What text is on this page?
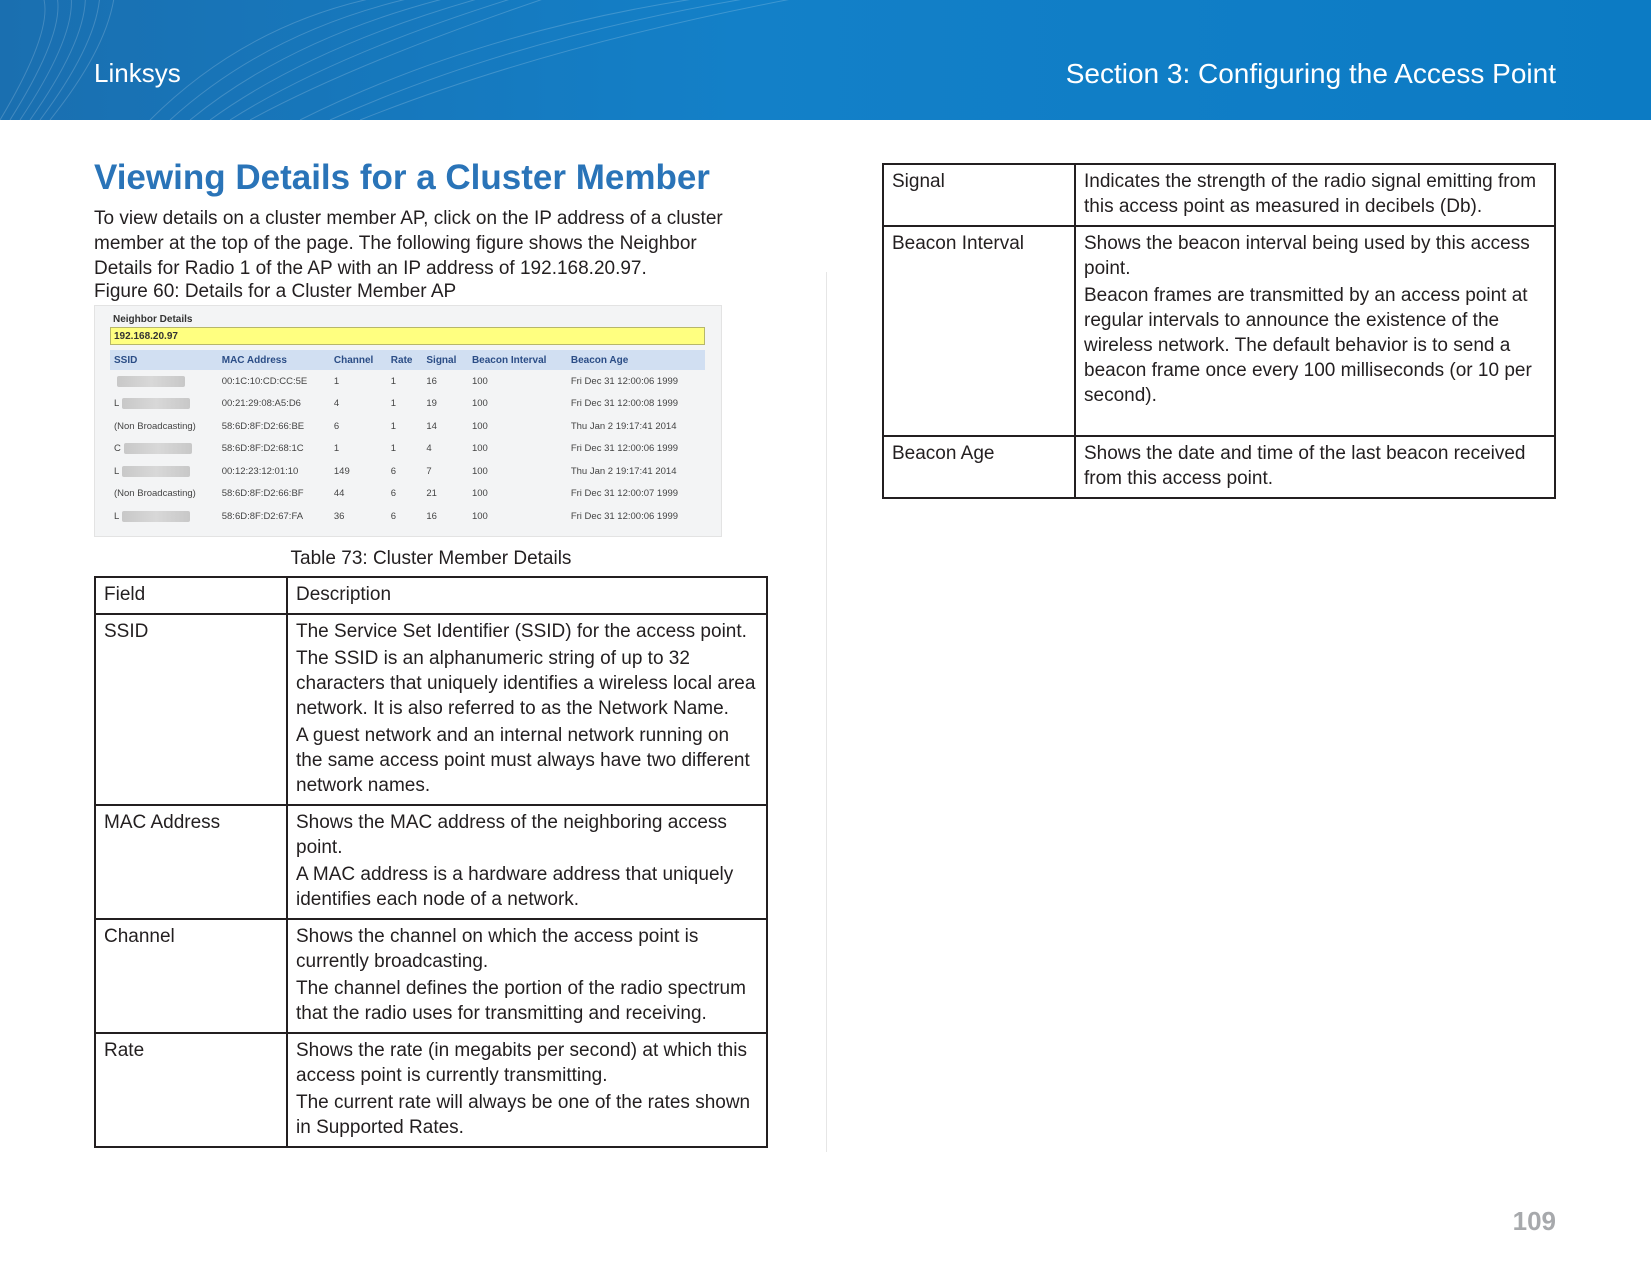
Linksys	Section 3: Configuring the Access Point
Viewing Details for a Cluster Member
To view details on a cluster member AP, click on the IP address of a cluster member at the top of the page. The following figure shows the Neighbor Details for Radio 1 of the AP with an IP address of 192.168.20.97.
Figure 60: Details for a Cluster Member AP
Neighbor Details
192.168.20.97
SSID	MAC Address	Channel	Rate	Signal	Beacon Interval	Beacon Age
	00:1C:10:CD:CC:5E	1	1	16	100	Fri Dec 31 12:00:06 1999
L	00:21:29:08:A5:D6	4	1	19	100	Fri Dec 31 12:00:08 1999
(Non Broadcasting)	58:6D:8F:D2:66:BE	6	1	14	100	Thu Jan 2 19:17:41 2014
C	58:6D:8F:D2:68:1C	1	1	4	100	Fri Dec 31 12:00:06 1999
L	00:12:23:12:01:10	149	6	7	100	Thu Jan 2 19:17:41 2014
(Non Broadcasting)	58:6D:8F:D2:66:BF	44	6	21	100	Fri Dec 31 12:00:07 1999
L	58:6D:8F:D2:67:FA	36	6	16	100	Fri Dec 31 12:00:06 1999
Table 73: Cluster Member Details
Field	Description

SSID	The Service Set Identifier (SSID) for the access point.

The SSID is an alphanumeric string of up to 32 characters that uniquely identifies a wireless local area network. It is also referred to as the Network Name.

A guest network and an internal network running on the same access point must always have two different network names.

MAC Address	Shows the MAC address of the neighboring access point.

A MAC address is a hardware address that uniquely identifies each node of a network.

Channel	Shows the channel on which the access point is currently broadcasting.

The channel defines the portion of the radio spectrum that the radio uses for transmitting and receiving.

Rate	Shows the rate (in megabits per second) at which this access point is currently transmitting.

The current rate will always be one of the rates shown in Supported Rates.

Signal	Indicates the strength of the radio signal emitting from this access point as measured in decibels (Db).

Beacon Interval	Shows the beacon interval being used by this access point.

Beacon frames are transmitted by an access point at regular intervals to announce the existence of the wireless network. The default behavior is to send a beacon frame once every 100 milliseconds (or 10 per second).

Beacon Age	Shows the date and time of the last beacon received from this access point.

109
